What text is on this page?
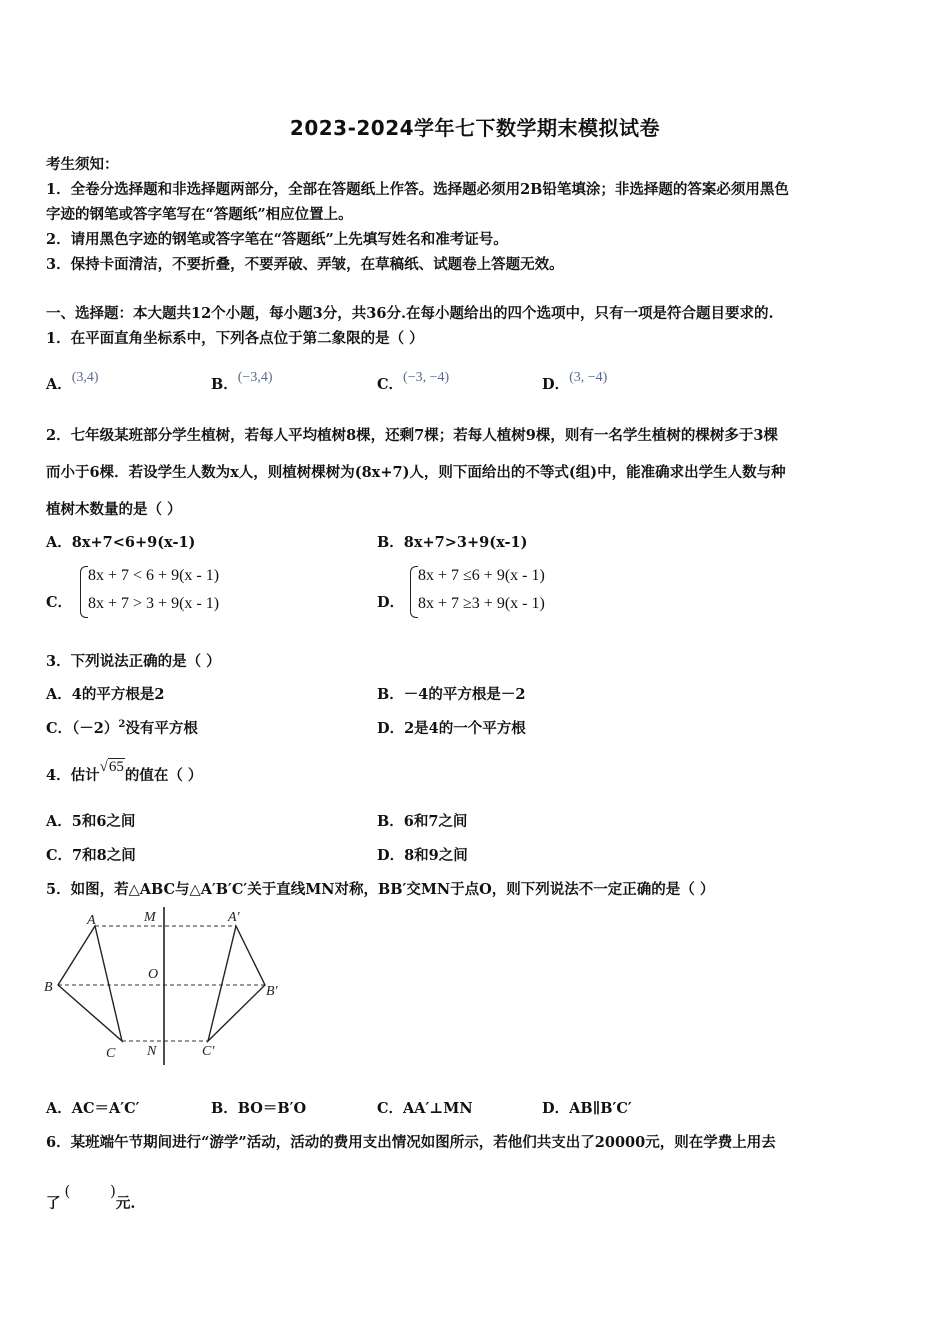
2023-2024学年七下数学期末模拟试卷
考生须知：
1．全卷分选择题和非选择题两部分，全部在答题纸上作答。选择题必须用2B铅笔填涂；非选择题的答案必须用黑色
字迹的钢笔或答字笔写在“答题纸”相应位置上。
2．请用黑色字迹的钢笔或答字笔在“答题纸”上先填写姓名和准考证号。
3．保持卡面清洁，不要折叠，不要弄破、弄皱，在草稿纸、试题卷上答题无效。
一、选择题：本大题共12个小题，每小题3分，共36分.在每小题给出的四个选项中，只有一项是符合题目要求的.
1．在平面直角坐标系中，下列各点位于第二象限的是（ ）
A．(3,4)	B．(−3,4)	C．(−3, −4)	D．(3, −4)
2．七年级某班部分学生植树，若每人平均植树8棵，还剩7棵；若每人植树9棵，则有一名学生植树的棵树多于3棵
而小于6棵．若设学生人数为x人，则植树棵树为(8x+7)人，则下面给出的不等式(组)中，能准确求出学生人数与种
植树木数量的是（ ）
A．8x+7<6+9(x-1)	B．8x+7>3+9(x-1)
C．
8x + 7 < 6 + 9(x - 1)
8x + 7 > 3 + 9(x - 1)	D．
8x + 7 ≤6 + 9(x - 1)
8x + 7 ≥3 + 9(x - 1)
3．下列说法正确的是（ ）
A．4的平方根是2	B．－4的平方根是－2
C．$(-2)^2$没有平方根	D．2是4的一个平方根
4．估计√65的值在（ ）
A．5和6之间	B．6和7之间
C．7和8之间	D．8和9之间
5．如图，若△ABC与△A′B′C′关于直线MN对称，BB′交MN于点O，则下列说法不一定正确的是（ ）
A
B
C
M
O
N
A′
B′
C′
A．AC＝A′C′	B．BO＝B′O	C．AA′⊥MN	D．AB∥B′C′
6．某班端午节期间进行“游学”活动，活动的费用支出情况如图所示，若他们共支出了20000元，则在学费上用去
了(	)元.
